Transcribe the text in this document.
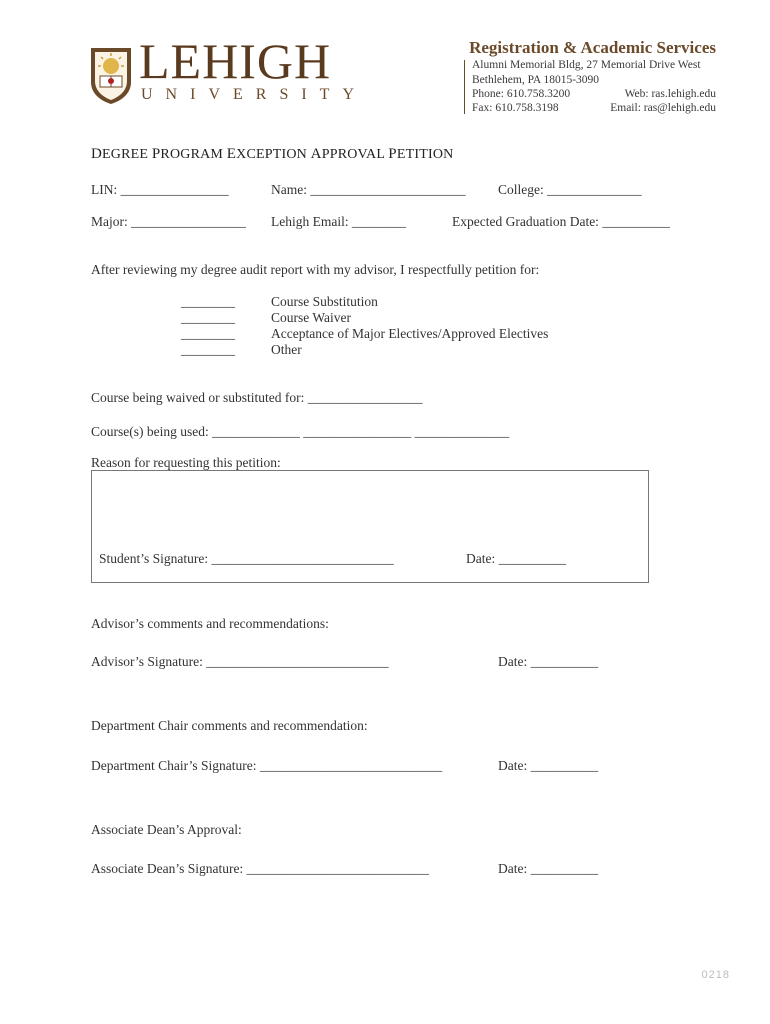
LEHIGH
UNIVERSITY
Registration & Academic Services
Alumni Memorial Bldg, 27 Memorial Drive West
Bethlehem, PA 18015-3090
Phone: 610.758.3200	Web: ras.lehigh.edu
Fax: 610.758.3198	Email: ras@lehigh.edu
DEGREE PROGRAM EXCEPTION APPROVAL PETITION
LIN: ________________	Name: _______________________ College: ______________
Major: _________________ Lehigh Email: ________	Expected Graduation Date: __________
After reviewing my degree audit report with my advisor, I respectfully petition for:
________	Course Substitution
________	Course Waiver
________	Acceptance of Major Electives/Approved Electives
________	Other
Course being waived or substituted for: _________________
Course(s) being used: _____________ ________________ ______________
Reason for requesting this petition:
Student’s Signature: ___________________________	Date: __________
Advisor’s comments and recommendations:
Advisor’s Signature: ___________________________	Date: __________
Department Chair comments and recommendation:
Department Chair’s Signature: ___________________________	Date: __________
Associate Dean’s Approval:
Associate Dean’s Signature: ___________________________	Date: __________
0218
